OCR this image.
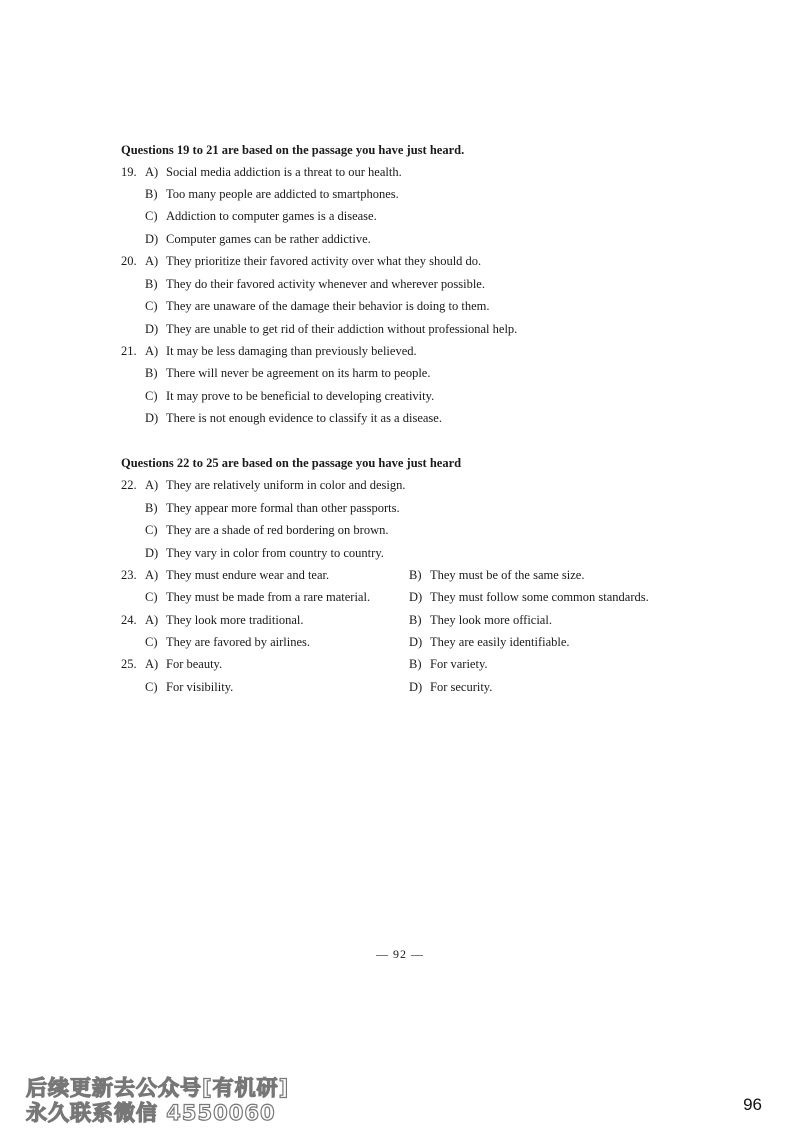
Questions 19 to 21 are based on the passage you have just heard.
19. A) Social media addiction is a threat to our health.
B) Too many people are addicted to smartphones.
C) Addiction to computer games is a disease.
D) Computer games can be rather addictive.
20. A) They prioritize their favored activity over what they should do.
B) They do their favored activity whenever and wherever possible.
C) They are unaware of the damage their behavior is doing to them.
D) They are unable to get rid of their addiction without professional help.
21. A) It may be less damaging than previously believed.
B) There will never be agreement on its harm to people.
C) It may prove to be beneficial to developing creativity.
D) There is not enough evidence to classify it as a disease.
Questions 22 to 25 are based on the passage you have just heard
22. A) They are relatively uniform in color and design.
B) They appear more formal than other passports.
C) They are a shade of red bordering on brown.
D) They vary in color from country to country.
23. A) They must endure wear and tear.	B) They must be of the same size.
C) They must be made from a rare material.	D) They must follow some common standards.
24. A) They look more traditional.	B) They look more official.
C) They are favored by airlines.	D) They are easily identifiable.
25. A) For beauty.	B) For variety.
C) For visibility.	D) For security.
— 92 —
96
后续更新去公众号[有机研]
永久联系微信 4550060
